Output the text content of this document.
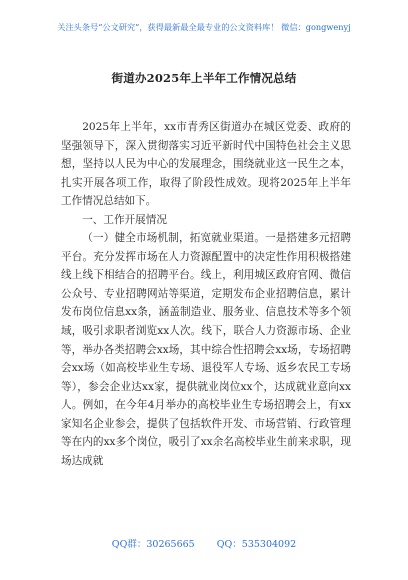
关注头条号“公文研究”，获得最新最全最专业的公文资料库！ 微信：gongwenyj
街道办2025年上半年工作情况总结

2025年上半年，xx市青秀区街道办在城区党委、政府的坚强领导下，深入贯彻落实习近平新时代中国特色社会主义思想，坚持以人民为中心的发展理念，围绕就业这一民生之本，扎实开展各项工作，取得了阶段性成效。现将2025年上半年工作情况总结如下。

一、工作开展情况

（一）健全市场机制，拓宽就业渠道。一是搭建多元招聘平台。充分发挥市场在人力资源配置中的决定性作用积极搭建线上线下相结合的招聘平台。线上，利用城区政府官网、微信公众号、专业招聘网站等渠道，定期发布企业招聘信息，累计发布岗位信息xx条，涵盖制造业、服务业、信息技术等多个领域，吸引求职者浏览xx人次。线下，联合人力资源市场、企业等，举办各类招聘会xx场，其中综合性招聘会xx场，专场招聘会xx场（如高校毕业生专场、退役军人专场、返乡农民工专场等），参会企业达xx家，提供就业岗位xx个，达成就业意向xx人。例如，在今年4月举办的高校毕业生专场招聘会上，有xx家知名企业参会，提供了包括软件开发、市场营销、行政管理等在内的xx多个岗位，吸引了xx余名高校毕业生前来求职，现场达成就

QQ群：30265665 QQ：535304092
